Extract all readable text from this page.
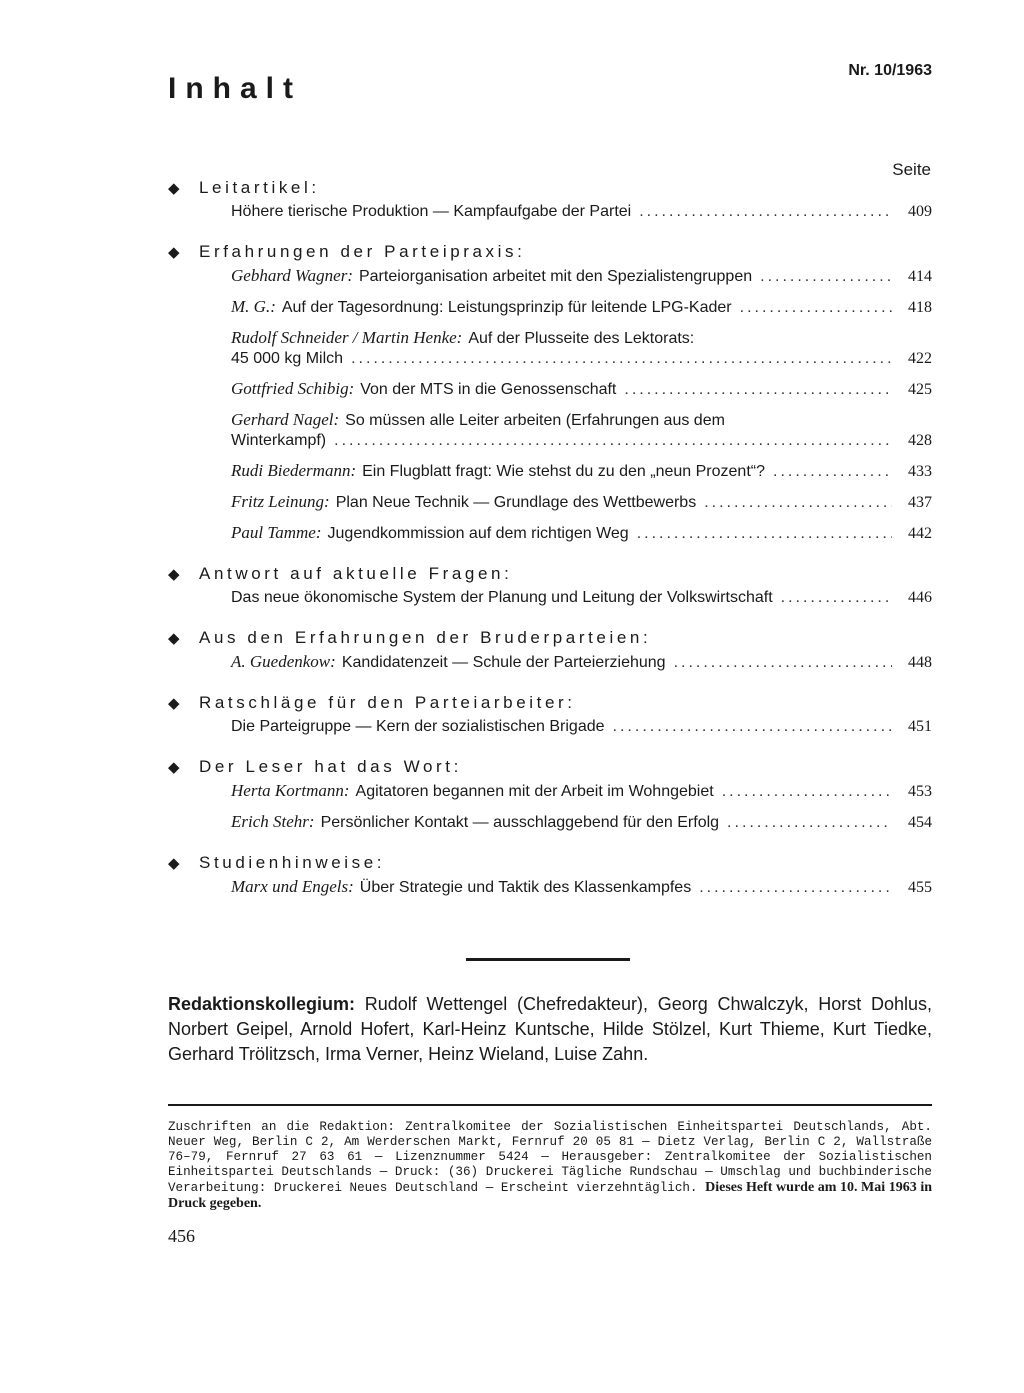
Inhalt
Nr. 10/1963
Seite
◆ Leitartikel:
Höhere tierische Produktion — Kampfaufgabe der Partei .....	409
◆ Erfahrungen der Parteipraxis:
Gebhard Wagner: Parteiorganisation arbeitet mit den Spezialistengruppen .....	414
M. G.: Auf der Tagesordnung: Leistungsprinzip für leitende LPG-Kader .....	418
Rudolf Schneider / Martin Henke: Auf der Plusseite des Lektorats:
45 000 kg Milch .....	422
Gottfried Schibig: Von der MTS in die Genossenschaft .....	425
Gerhard Nagel: So müssen alle Leiter arbeiten (Erfahrungen aus dem
Winterkampf) .....	428
Rudi Biedermann: Ein Flugblatt fragt: Wie stehst du zu den „neun Prozent“? .....	433
Fritz Leinung: Plan Neue Technik — Grundlage des Wettbewerbs .....	437
Paul Tamme: Jugendkommission auf dem richtigen Weg .....	442
◆ Antwort auf aktuelle Fragen:
Das neue ökonomische System der Planung und Leitung der Volkswirtschaft .....	446
◆ Aus den Erfahrungen der Bruderparteien:
A. Guedenkow: Kandidatenzeit — Schule der Parteierziehung .....	448
◆ Ratschläge für den Parteiarbeiter:
Die Parteigruppe — Kern der sozialistischen Brigade .....	451
◆ Der Leser hat das Wort:
Herta Kortmann: Agitatoren begannen mit der Arbeit im Wohngebiet .....	453
Erich Stehr: Persönlicher Kontakt — ausschlaggebend für den Erfolg .....	454
◆ Studienhinweise:
Marx und Engels: Über Strategie und Taktik des Klassenkampfes .....	455
Redaktionskollegium: Rudolf Wettengel (Chefredakteur), Georg Chwalczyk, Horst Dohlus, Norbert Geipel, Arnold Hofert, Karl-Heinz Kuntsche, Hilde Stölzel, Kurt Thieme, Kurt Tiedke, Gerhard Trölitzsch, Irma Verner, Heinz Wieland, Luise Zahn.
Zuschriften an die Redaktion: Zentralkomitee der Sozialistischen Einheitspartei Deutschlands, Abt. Neuer Weg, Berlin C 2, Am Werderschen Markt, Fernruf 20 05 81 — Dietz Verlag, Berlin C 2, Wallstraße 76–79, Fernruf 27 63 61 — Lizenznummer 5424 — Herausgeber: Zentralkomitee der Sozialistischen Einheitspartei Deutschlands — Druck: (36) Druckerei Tägliche Rundschau — Umschlag und buchbinderische Verarbeitung: Druckerei Neues Deutschland — Erscheint vierzehntäglich. Dieses Heft wurde am 10. Mai 1963 in Druck gegeben.
456
